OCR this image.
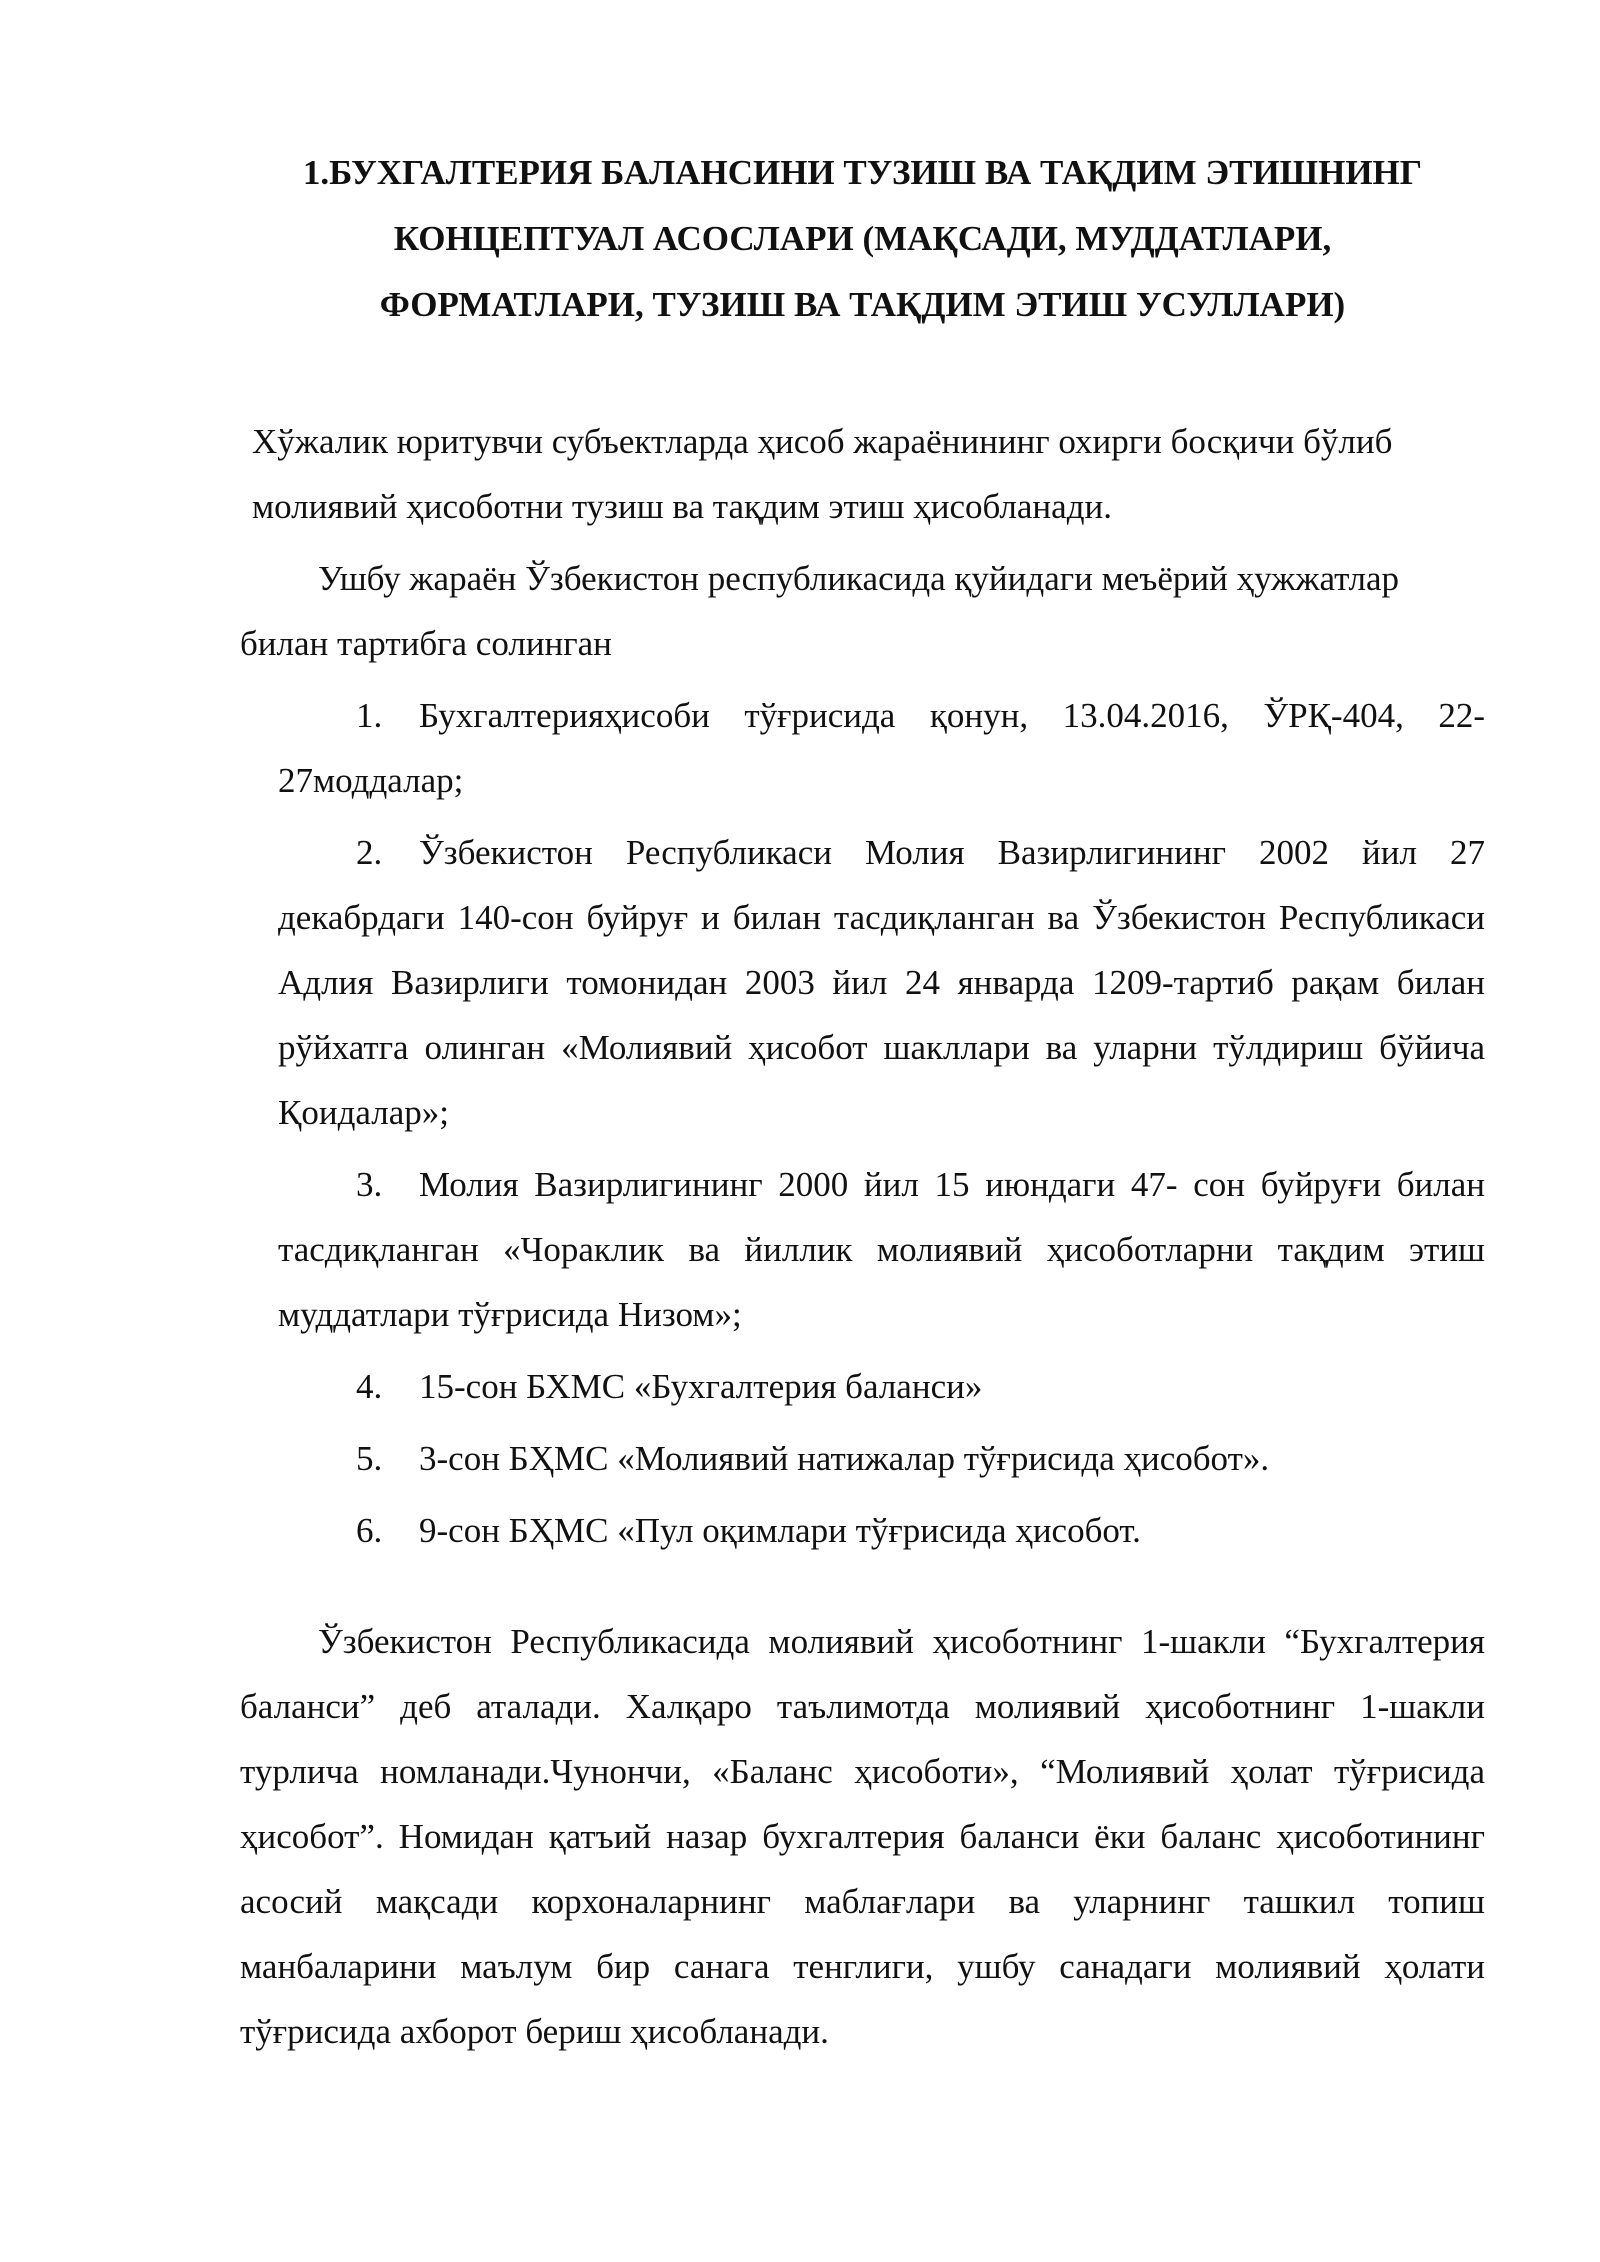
1.БУХГАЛТЕРИЯ БАЛАНСИНИ ТУЗИШ ВА ТАҚДИМ ЭТИШНИНГ
КОНЦЕПТУАЛ АСОСЛАРИ (МАҚСАДИ, МУДДАТЛАРИ,
ФОРМАТЛАРИ, ТУЗИШ ВА ТАҚДИМ ЭТИШ УСУЛЛАРИ)

Хўжалик юритувчи субъектларда ҳисоб жараёнининг охирги босқичи бўлиб молиявий ҳисоботни тузиш ва тақдим этиш ҳисобланади.

Ушбу жараён Ўзбекистон республикасида қуйидаги меъёрий ҳужжатлар билан тартибга солинган

1. Бухгалтерияҳисоби тўғрисида қонун, 13.04.2016, ЎРҚ-404, 22-27моддалар;
2. Ўзбекистон Республикаси Молия Вазирлигининг 2002 йил 27 декабрдаги 140-сон буйруғ и билан тасдиқланган ва Ўзбекистон Республикаси Адлия Вазирлиги томонидан 2003 йил 24 январда 1209-тартиб рақам билан рўйхатга олинган «Молиявий ҳисобот шакллари ва уларни тўлдириш бўйича Қоидалар»;
3. Молия Вазирлигининг 2000 йил 15 июндаги 47- сон буйруғи билан тасдиқланган «Чораклик ва йиллик молиявий ҳисоботларни тақдим этиш муддатлари тўғрисида Низом»;
4. 15-сон БХМС «Бухгалтерия баланси»
5. 3-сон БҲМС «Молиявий натижалар тўғрисида ҳисобот».
6. 9-сон БҲМС «Пул оқимлари тўғрисида ҳисобот.

Ўзбекистон Республикасида молиявий ҳисоботнинг 1-шакли “Бухгалтерия баланси” деб аталади. Халқаро таълимотда молиявий ҳисоботнинг 1-шакли турлича номланади.Чунончи, «Баланс ҳисоботи», “Молиявий ҳолат тўғрисида ҳисобот”. Номидан қатъий назар бухгалтерия баланси ёки баланс ҳисоботининг асосий мақсади корхоналарнинг маблағлари ва уларнинг ташкил топиш манбаларини маълум бир санага тенглиги, ушбу санадаги молиявий ҳолати тўғрисида ахборот бериш ҳисобланади.
